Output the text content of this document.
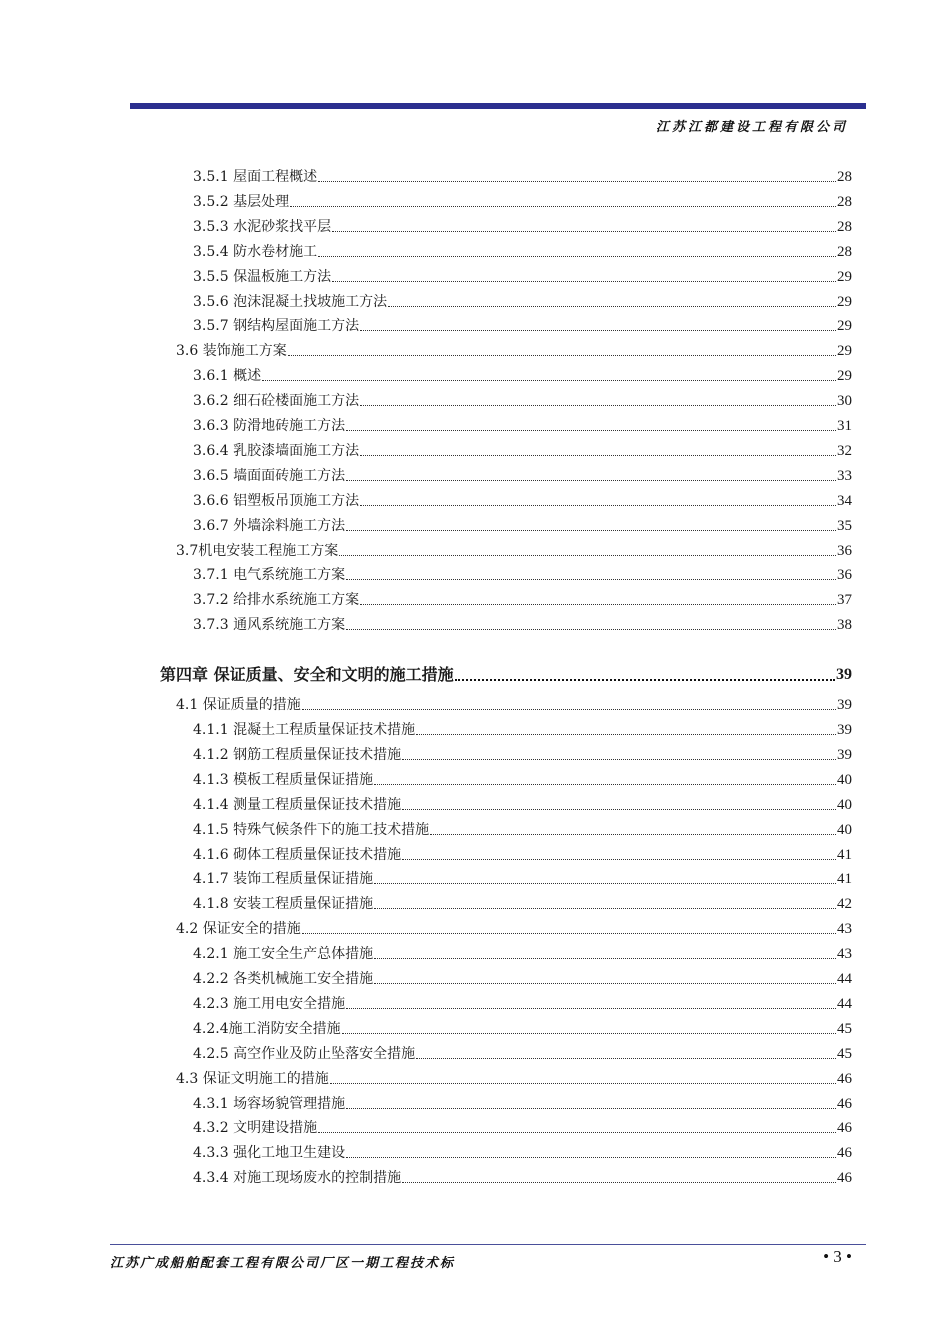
江苏江都建设工程有限公司
3.5.1 屋面工程概述	28
3.5.2 基层处理	28
3.5.3 水泥砂浆找平层	28
3.5.4 防水卷材施工	28
3.5.5 保温板施工方法	29
3.5.6 泡沫混凝土找坡施工方法	29
3.5.7 钢结构屋面施工方法	29
3.6 装饰施工方案	29
3.6.1 概述	29
3.6.2 细石砼楼面施工方法	30
3.6.3 防滑地砖施工方法	31
3.6.4 乳胶漆墙面施工方法	32
3.6.5 墙面面砖施工方法	33
3.6.6 铝塑板吊顶施工方法	34
3.6.7 外墙涂料施工方法	35
3.7机电安装工程施工方案	36
3.7.1 电气系统施工方案	36
3.7.2 给排水系统施工方案	37
3.7.3 通风系统施工方案	38
第四章 保证质量、安全和文明的施工措施	39
4.1 保证质量的措施	39
4.1.1 混凝土工程质量保证技术措施	39
4.1.2 钢筋工程质量保证技术措施	39
4.1.3 模板工程质量保证措施	40
4.1.4 测量工程质量保证技术措施	40
4.1.5 特殊气候条件下的施工技术措施	40
4.1.6 砌体工程质量保证技术措施	41
4.1.7 装饰工程质量保证措施	41
4.1.8 安装工程质量保证措施	42
4.2 保证安全的措施	43
4.2.1 施工安全生产总体措施	43
4.2.2 各类机械施工安全措施	44
4.2.3 施工用电安全措施	44
4.2.4施工消防安全措施	45
4.2.5 高空作业及防止坠落安全措施	45
4.3 保证文明施工的措施	46
4.3.1 场容场貌管理措施	46
4.3.2 文明建设措施	46
4.3.3 强化工地卫生建设	46
4.3.4 对施工现场废水的控制措施	46
江苏广成船舶配套工程有限公司厂区一期工程技术标	• 3 •
